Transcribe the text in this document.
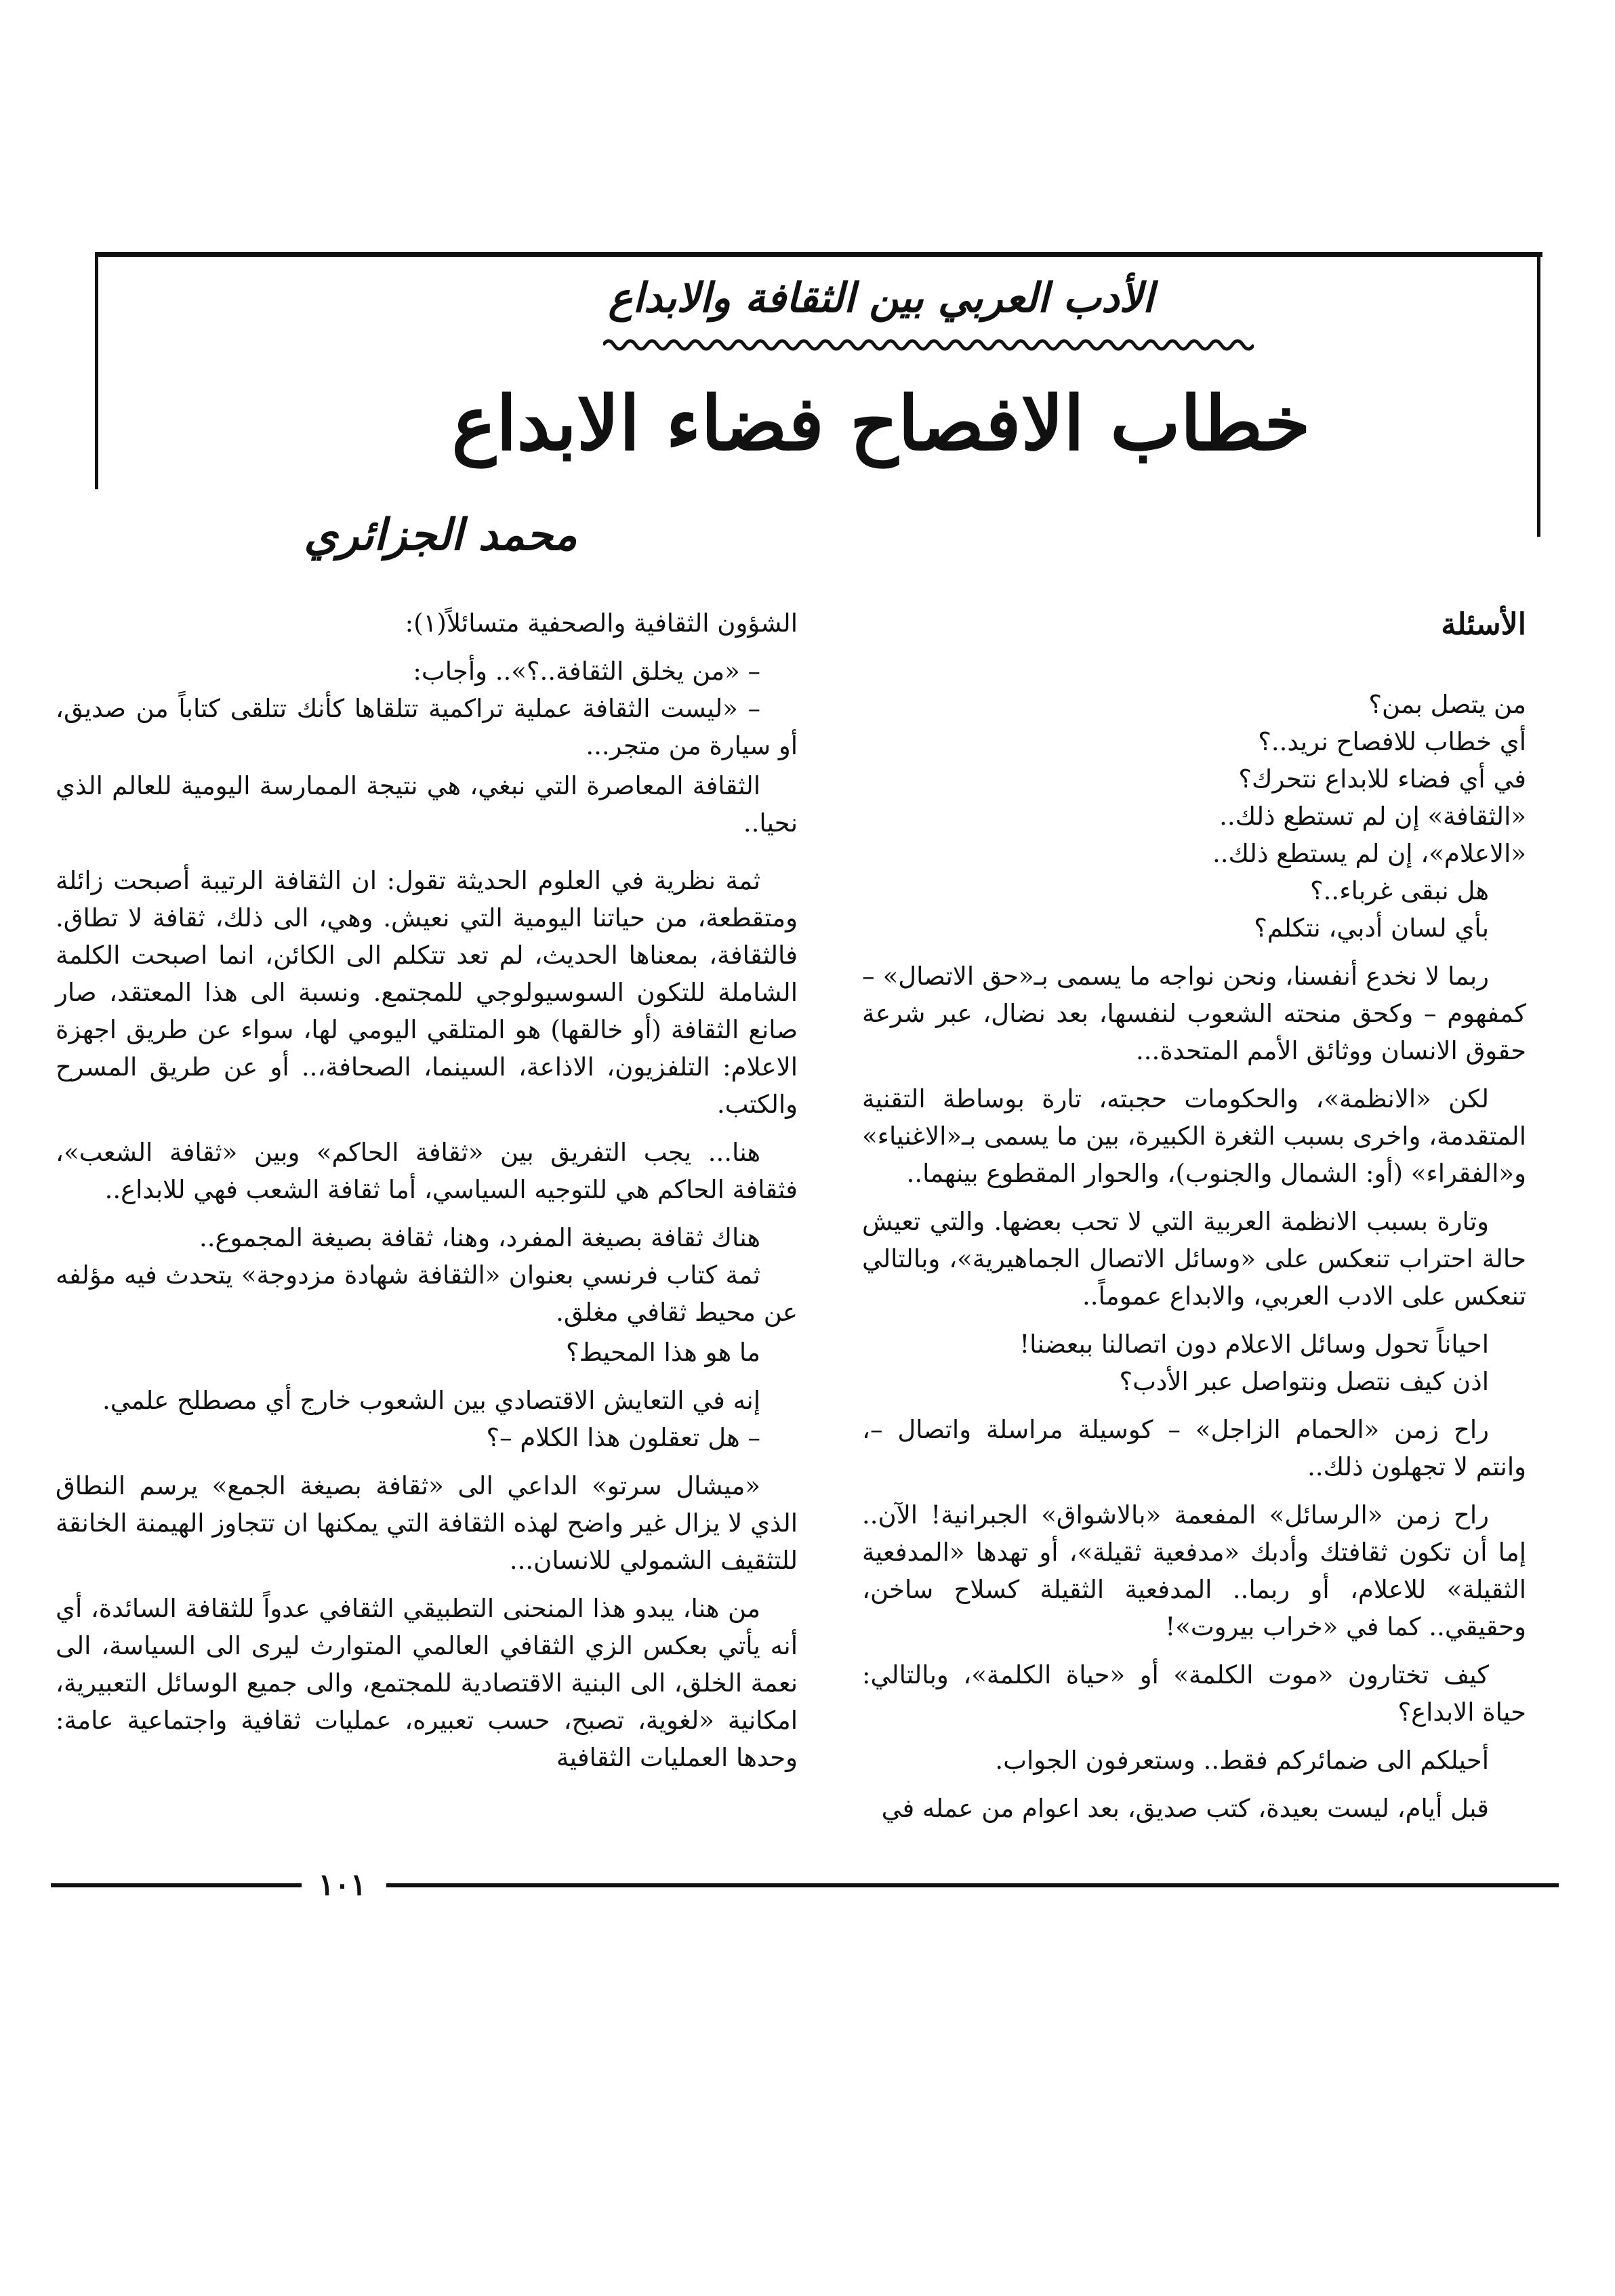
الأدب العربي بين الثقافة والابداع
خطاب الافصاح فضاء الابداع
محمد الجزائري
الأسئلة
من يتصل بمن؟
أي خطاب للافصاح نريد..؟
في أي فضاء للابداع نتحرك؟
«الثقافة» إن لم تستطع ذلك..
«الاعلام»، إن لم يستطع ذلك..
هل نبقى غرباء..؟
بأي لسان أدبي، نتكلم؟

ربما لا نخدع أنفسنا، ونحن نواجه ما يسمى بـ«حق الاتصال» – كمفهوم – وكحق منحته الشعوب لنفسها، بعد نضال، عبر شرعة حقوق الانسان ووثائق الأمم المتحدة...

لكن «الانظمة»، والحكومات حجبته، تارة بوساطة التقنية المتقدمة، واخرى بسبب الثغرة الكبيرة، بين ما يسمى بـ«الاغنياء» و«الفقراء» (أو: الشمال والجنوب)، والحوار المقطوع بينهما..

وتارة بسبب الانظمة العربية التي لا تحب بعضها. والتي تعيش حالة احتراب تنعكس على «وسائل الاتصال الجماهيرية»، وبالتالي تنعكس على الادب العربي، والابداع عموماً..

احياناً تحول وسائل الاعلام دون اتصالنا ببعضنا!
اذن كيف نتصل ونتواصل عبر الأدب؟

راح زمن «الحمام الزاجل» – كوسيلة مراسلة واتصال –، وانتم لا تجهلون ذلك..

راح زمن «الرسائل» المفعمة «بالاشواق» الجبرانية! الآن.. إما أن تكون ثقافتك وأدبك «مدفعية ثقيلة»، أو تهدها «المدفعية الثقيلة» للاعلام، أو ربما.. المدفعية الثقيلة كسلاح ساخن، وحقيقي.. كما في «خراب بيروت»!

كيف تختارون «موت الكلمة» أو «حياة الكلمة»، وبالتالي: حياة الابداع؟

أحيلكم الى ضمائركم فقط.. وستعرفون الجواب.

قبل أيام، ليست بعيدة، كتب صديق، بعد اعوام من عمله في

الشؤون الثقافية والصحفية متسائلاً(١):

– «من يخلق الثقافة..؟».. وأجاب:

– «ليست الثقافة عملية تراكمية تتلقاها كأنك تتلقى كتاباً من صديق، أو سيارة من متجر...

الثقافة المعاصرة التي نبغي، هي نتيجة الممارسة اليومية للعالم الذي نحيا..

ثمة نظرية في العلوم الحديثة تقول: ان الثقافة الرتيبة أصبحت زائلة ومتقطعة، من حياتنا اليومية التي نعيش. وهي، الى ذلك، ثقافة لا تطاق. فالثقافة، بمعناها الحديث، لم تعد تتكلم الى الكائن، انما اصبحت الكلمة الشاملة للتكون السوسيولوجي للمجتمع. ونسبة الى هذا المعتقد، صار صانع الثقافة (أو خالقها) هو المتلقي اليومي لها، سواء عن طريق اجهزة الاعلام: التلفزيون، الاذاعة، السينما، الصحافة،.. أو عن طريق المسرح والكتب.

هنا... يجب التفريق بين «ثقافة الحاكم» وبين «ثقافة الشعب»، فثقافة الحاكم هي للتوجيه السياسي، أما ثقافة الشعب فهي للابداع..

هناك ثقافة بصيغة المفرد، وهنا، ثقافة بصيغة المجموع..

ثمة كتاب فرنسي بعنوان «الثقافة شهادة مزدوجة» يتحدث فيه مؤلفه عن محيط ثقافي مغلق.

ما هو هذا المحيط؟

إنه في التعايش الاقتصادي بين الشعوب خارج أي مصطلح علمي.

– هل تعقلون هذا الكلام –؟

«ميشال سرتو» الداعي الى «ثقافة بصيغة الجمع» يرسم النطاق الذي لا يزال غير واضح لهذه الثقافة التي يمكنها ان تتجاوز الهيمنة الخانقة للتثقيف الشمولي للانسان...

من هنا، يبدو هذا المنحنى التطبيقي الثقافي عدواً للثقافة السائدة، أي أنه يأتي بعكس الزي الثقافي العالمي المتوارث ليرى الى السياسة، الى نعمة الخلق، الى البنية الاقتصادية للمجتمع، والى جميع الوسائل التعبيرية، امكانية «لغوية، تصبح، حسب تعبيره، عمليات ثقافية واجتماعية عامة: وحدها العمليات الثقافية

١٠١
